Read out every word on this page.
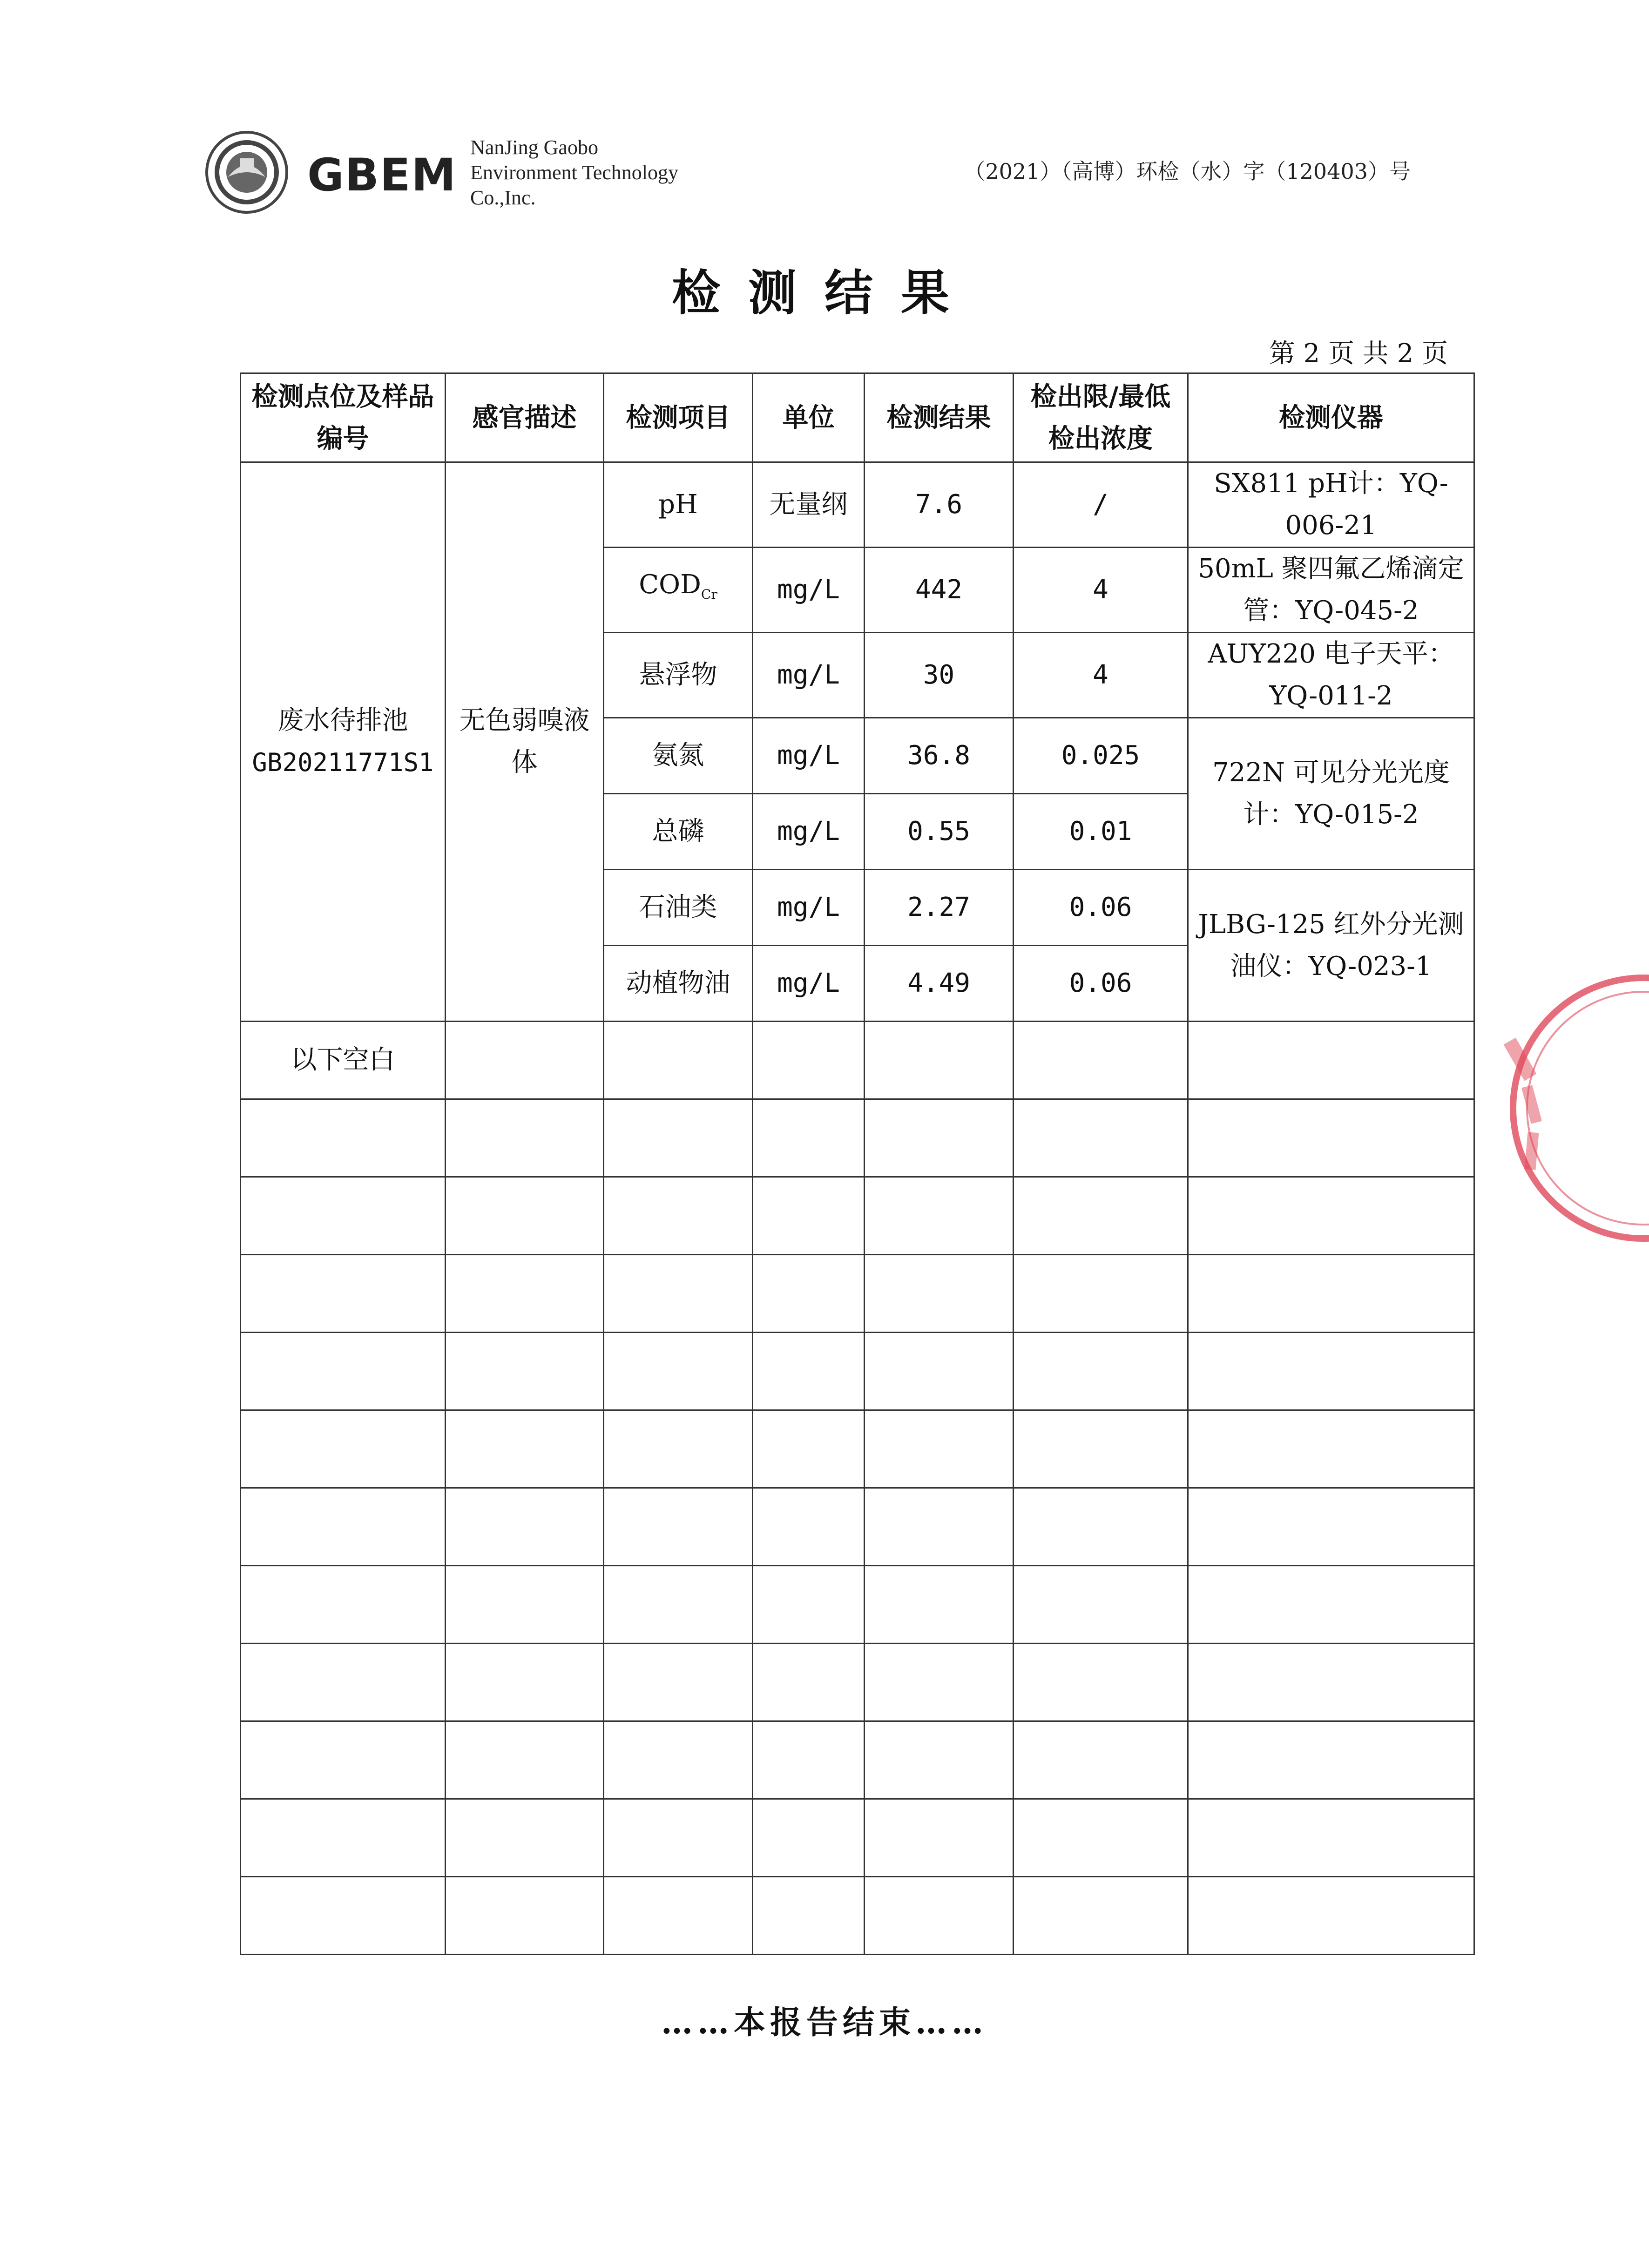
GBEM
NanJing Gaobo
Environment Technology
Co.,Inc.
（2021）（高博）环检（水）字（120403）号
检测结果
第 2 页 共 2 页
检测点位及样品编号	感官描述	检测项目	单位	检测结果	检出限/最低检出浓度	检测仪器

废水待排池
GB20211771S1	无色弱嗅液体	pH	无量纲	7.6	/	SX811 pH计：YQ-006-21
		$COD_{Cr}$	mg/L	442	4	50mL 聚四氟乙烯滴定管：YQ-045-2
		悬浮物	mg/L	30	4	AUY220 电子天平：YQ-011-2
		氨氮	mg/L	36.8	0.025	722N 可见分光光度计：YQ-015-2
		总磷	mg/L	0.55	0.01	
		石油类	mg/L	2.27	0.06	JLBG-125 红外分光测油仪：YQ-023-1
		动植物油	mg/L	4.49	0.06	
以下空白						

……本报告结束……
